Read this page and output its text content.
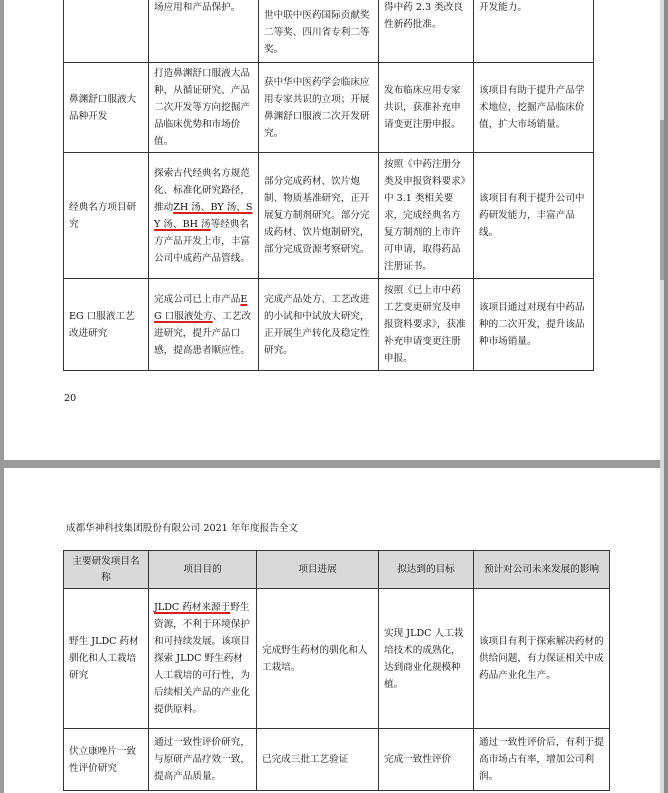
	场应用和产品保护。	世中联中医药国际贡献奖二等奖、四川省专利二等奖。	得中药 2.3 类改良性新药批准。	开发能力。
鼻渊舒口服液大品种开发	打造鼻渊舒口服液大品种，从循证研究、产品二次开发等方向挖掘产品临床优势和市场价值。	获中华中医药学会临床应用专家共识的立项；开展鼻渊舒口服液二次开发研究。	发布临床应用专家共识，获准补充申请变更注册申报。	该项目有助于提升产品学术地位，挖掘产品临床价值，扩大市场销量。
经典名方项目研究	探索古代经典名方规范化、标准化研究路径，推动ZH 汤、BY 汤、SY 汤、BH 汤等经典名方产品开发上市，丰富公司中成药产品管线。	部分完成药材、饮片炮制、物质基准研究，正开展复方制剂研究。部分完成药材、饮片炮制研究，部分完成资源考察研究。	按照《中药注册分类及申报资料要求》中 3.1 类相关要求，完成经典名方复方制剂的上市许可申请，取得药品注册证书。	该项目有利于提升公司中药研发能力，丰富产品线。
EG 口服液工艺改进研究	完成公司已上市产品EG 口服液处方、工艺改进研究，提升产品口感，提高患者顺应性。	完成产品处方、工艺改进的小试和中试放大研究，正开展生产转化及稳定性研究。	按照《已上市中药工艺变更研究及申报资料要求》，获准补充申请变更注册申报。	该项目通过对现有中药品种的二次开发，提升该品种市场销量。
20
成都华神科技集团股份有限公司 2021 年年度报告全文
主要研发项目名称	项目目的	项目进展	拟达到的目标	预计对公司未来发展的影响
野生 JLDC 药材驯化和人工栽培研究	JLDC 药材来源于野生资源，不利于环境保护和可持续发展。该项目探索 JLDC 野生药材人工栽培的可行性，为后续相关产品的产业化提供原料。	完成野生药材的驯化和人工栽培。	实现 JLDC 人工栽培技术的成熟化，达到商业化规模种植。	该项目有利于探索解决药材的供给问题，有力保证相关中成药品产业化生产。
伏立康唑片一致性评价研究	通过一致性评价研究，与原研产品疗效一致，提高产品质量。	已完成三批工艺验证	完成一致性评价	通过一致性评价后，有利于提高市场占有率，增加公司利润。
